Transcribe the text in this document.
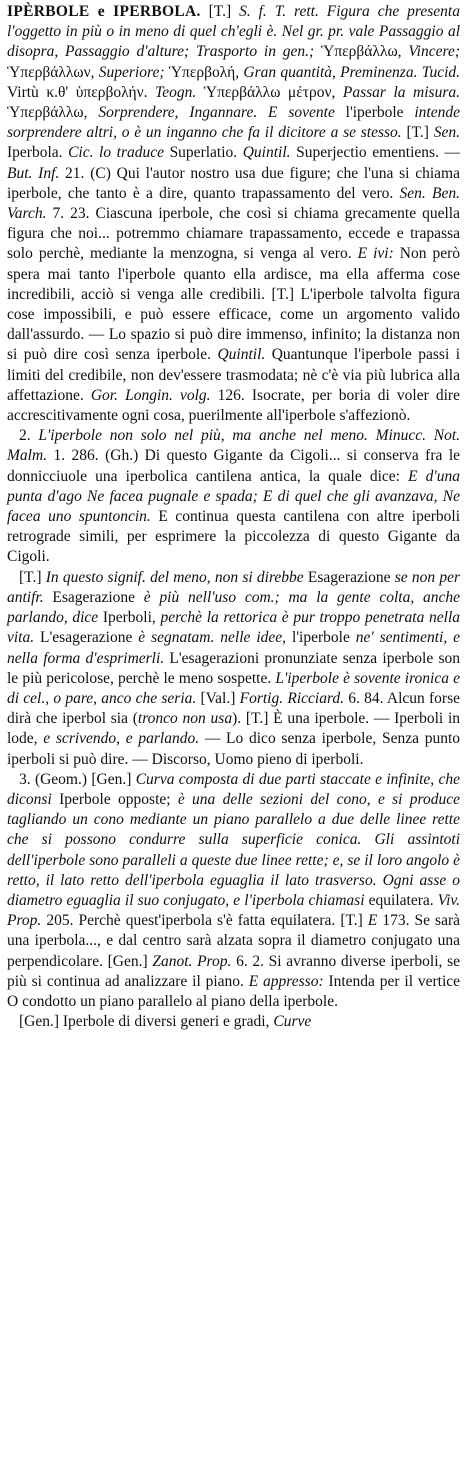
IPÈRBOLE e IPERBOLA. [T.] S. f. T. rett. Figura che presenta l'oggetto in più o in meno di quel ch'egli è. Nel gr. pr. vale Passaggio al disopra, Passaggio d'alture; Trasporto in gen.; Ὑπερβάλλω, Vincere; Ὑπερβάλλων, Superiore; Ὑπερβολή, Gran quantità, Preminenza. Tucid. Virtù κ.θ' ὑπερβολήν. Teogn. Ὑπερβάλλω μέτρον, Passar la misura. Ὑπερβάλλω, Sorprendere, Ingannare. E sovente l'iperbole intende sorprendere altri, o è un inganno che fa il dicitore a se stesso. [T.] Sen. Iperbola. Cic. lo traduce Superlatio. Quintil. Superjectio ementiens. — But. Inf. 21. (C) Qui l'autor nostro usa due figure; che l'una si chiama iperbole, che tanto è a dire, quanto trapassamento del vero. Sen. Ben. Varch. 7. 23. Ciascuna iperbole, che così si chiama grecamente quella figura che noi... potremmo chiamare trapassamento, eccede e trapassa solo perchè, mediante la menzogna, si venga al vero. E ivi: Non però spera mai tanto l'iperbole quanto ella ardisce, ma ella afferma cose incredibili, acciò si venga alle credibili. [T.] L'iperbole talvolta figura cose impossibili, e può essere efficace, come un argomento valido dall'assurdo. — Lo spazio si può dire immenso, infinito; la distanza non si può dire così senza iperbole. Quintil. Quantunque l'iperbole passi i limiti del credibile, non dev'essere trasmodata; nè c'è via più lubrica alla affettazione. Gor. Longin. volg. 126. Isocrate, per boria di voler dire accrescitivamente ogni cosa, puerilmente all'iperbole s'affezionò.

2. L'iperbole non solo nel più, ma anche nel meno. Minucc. Not. Malm. 1. 286. (Gh.) Di questo Gigante da Cigoli... si conserva fra le donnicciuole una iperbolica cantilena antica, la quale dice: E d'una punta d'ago Ne facea pugnale e spada; E di quel che gli avanzava, Ne facea uno spuntoncin. E continua questa cantilena con altre iperboli retrograde simili, per esprimere la piccolezza di questo Gigante da Cigoli.

[T.] In questo signif. del meno, non si direbbe Esagerazione se non per antifr. Esagerazione è più nell'uso com.; ma la gente colta, anche parlando, dice Iperboli, perchè la rettorica è pur troppo penetrata nella vita. L'esagerazione è segnatam. nelle idee, l'iperbole ne' sentimenti, e nella forma d'esprimerli. L'esagerazioni pronunziate senza iperbole son le più pericolose, perchè le meno sospette. L'iperbole è sovente ironica e di cel., o pare, anco che seria. [Val.] Fortig. Ricciard. 6. 84. Alcun forse dirà che iperbol sia (tronco non usa). [T.] È una iperbole. — Iperboli in lode, e scrivendo, e parlando. — Lo dico senza iperbole, Senza punto iperboli si può dire. — Discorso, Uomo pieno di iperboli.

3. (Geom.) [Gen.] Curva composta di due parti staccate e infinite, che diconsi Iperbole opposte; è una delle sezioni del cono, e si produce tagliando un cono mediante un piano parallelo a due delle linee rette che si possono condurre sulla superficie conica. Gli assintoti dell'iperbole sono paralleli a queste due linee rette; e, se il loro angolo è retto, il lato retto dell'iperbola eguaglia il lato trasverso. Ogni asse o diametro eguaglia il suo conjugato, e l'iperbola chiamasi equilatera. Viv. Prop. 205. Perchè quest'iperbola s'è fatta equilatera. [T.] E 173. Se sarà una iperbola..., e dal centro sarà alzata sopra il diametro conjugato una perpendicolare. [Gen.] Zanot. Prop. 6. 2. Si avranno diverse iperboli, se più si continua ad analizzare il piano. E appresso: Intenda per il vertice O condotto un piano parallelo al piano della iperbole.

[Gen.] Iperbole di diversi generi e gradi, Curve
